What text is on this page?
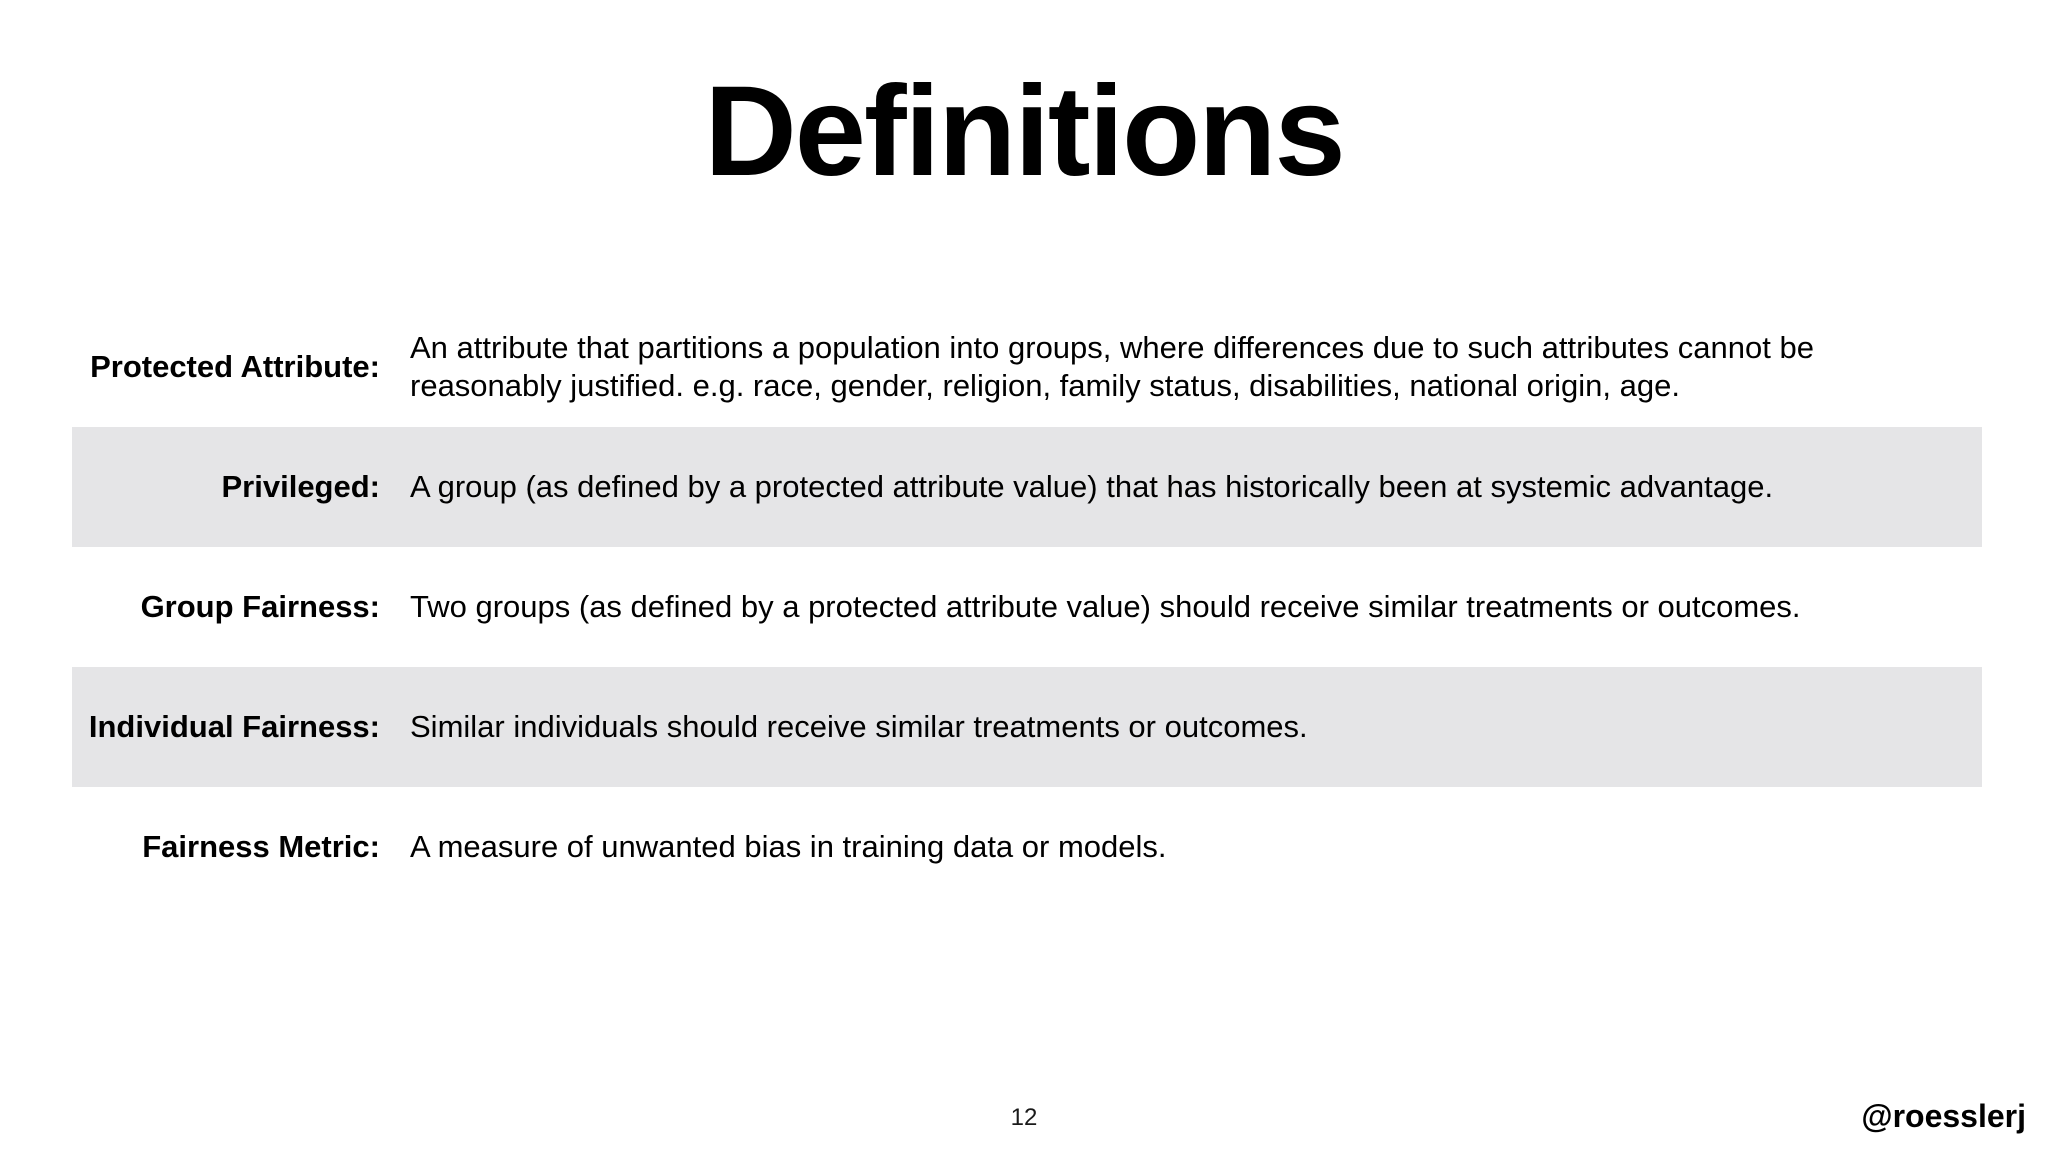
Definitions
Protected Attribute:
An attribute that partitions a population into groups, where differences due to such attributes cannot be reasonably justified. e.g. race, gender, religion, family status, disabilities, national origin, age.
Privileged: A group (as defined by a protected attribute value) that has historically been at systemic advantage.
Group Fairness: Two groups (as defined by a protected attribute value) should receive similar treatments or outcomes.
Individual Fairness: Similar individuals should receive similar treatments or outcomes.
Fairness Metric: A measure of unwanted bias in training data or models.
12	@roesslerj
